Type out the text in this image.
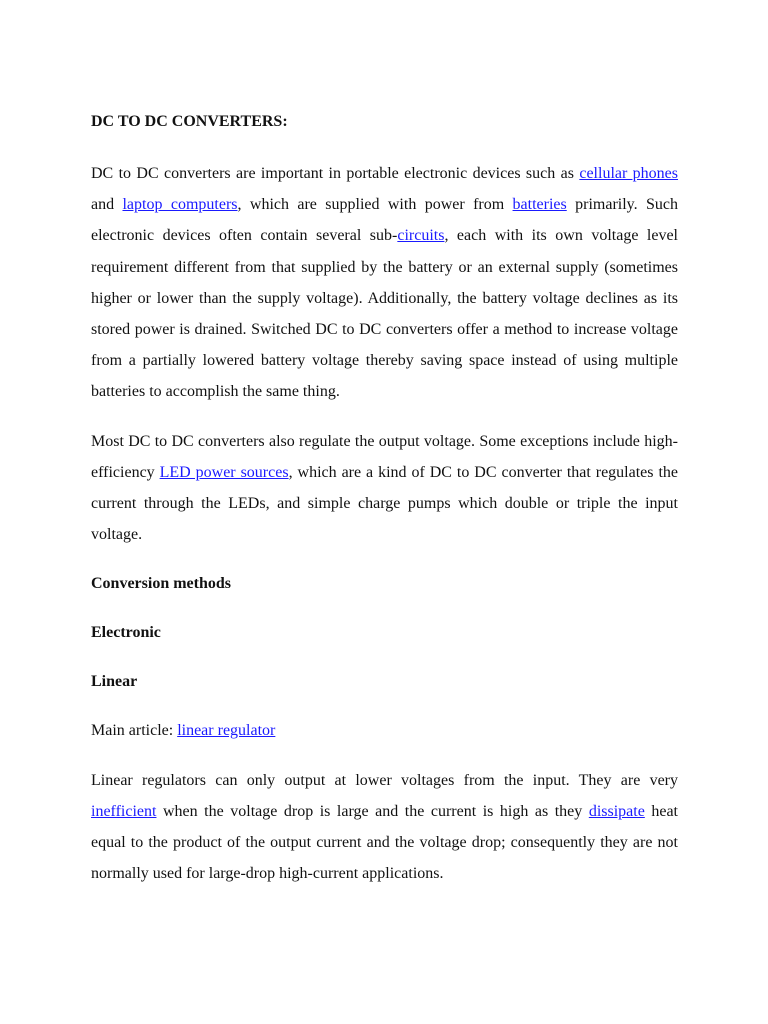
DC TO DC CONVERTERS:

DC to DC converters are important in portable electronic devices such as cellular phones and laptop computers, which are supplied with power from batteries primarily. Such electronic devices often contain several sub-circuits, each with its own voltage level requirement different from that supplied by the battery or an external supply (sometimes higher or lower than the supply voltage). Additionally, the battery voltage declines as its stored power is drained. Switched DC to DC converters offer a method to increase voltage from a partially lowered battery voltage thereby saving space instead of using multiple batteries to accomplish the same thing.

Most DC to DC converters also regulate the output voltage. Some exceptions include high-efficiency LED power sources, which are a kind of DC to DC converter that regulates the current through the LEDs, and simple charge pumps which double or triple the input voltage.

Conversion methods
Electronic
Linear

Main article: linear regulator

Linear regulators can only output at lower voltages from the input. They are very inefficient when the voltage drop is large and the current is high as they dissipate heat equal to the product of the output current and the voltage drop; consequently they are not normally used for large-drop high-current applications.
